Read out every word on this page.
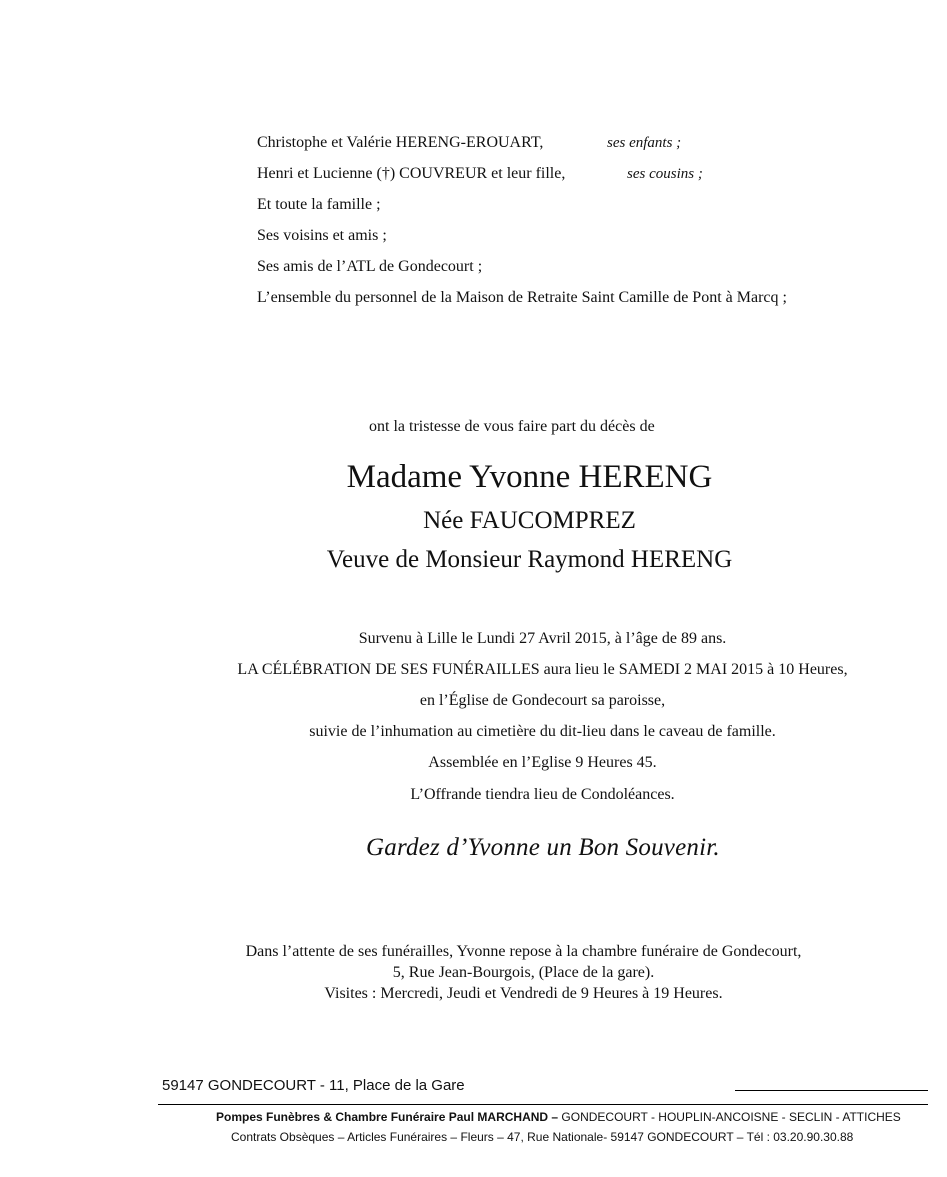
Christophe et Valérie HERENG-EROUART,	ses enfants ;
Henri et Lucienne (†) COUVREUR et leur fille,	ses cousins ;
Et toute la famille ;
Ses voisins et amis ;
Ses amis de l’ATL de Gondecourt ;
L’ensemble du personnel de la Maison de Retraite Saint Camille de Pont à Marcq ;
ont la tristesse de vous faire part du décès de
Madame Yvonne HERENG
Née FAUCOMPREZ
Veuve de Monsieur Raymond HERENG
Survenu à Lille le Lundi 27 Avril 2015, à l’âge de 89 ans.
LA CÉLÉBRATION DE SES FUNÉRAILLES aura lieu le SAMEDI 2 MAI 2015 à 10 Heures,
en l’Église de Gondecourt sa paroisse,
suivie de l’inhumation au cimetière du dit-lieu dans le caveau de famille.
Assemblée en l’Eglise 9 Heures 45.
L’Offrande tiendra lieu de Condoléances.
Gardez d’Yvonne un Bon Souvenir.
Dans l’attente de ses funérailles, Yvonne repose à la chambre funéraire de Gondecourt,
5, Rue Jean-Bourgois, (Place de la gare).
Visites : Mercredi, Jeudi et Vendredi de 9 Heures à 19 Heures.
59147 GONDECOURT - 11, Place de la Gare
Pompes Funèbres & Chambre Funéraire Paul MARCHAND – GONDECOURT - HOUPLIN-ANCOISNE - SECLIN - ATTICHES
Contrats Obsèques – Articles Funéraires – Fleurs – 47, Rue Nationale- 59147 GONDECOURT – Tél : 03.20.90.30.88
